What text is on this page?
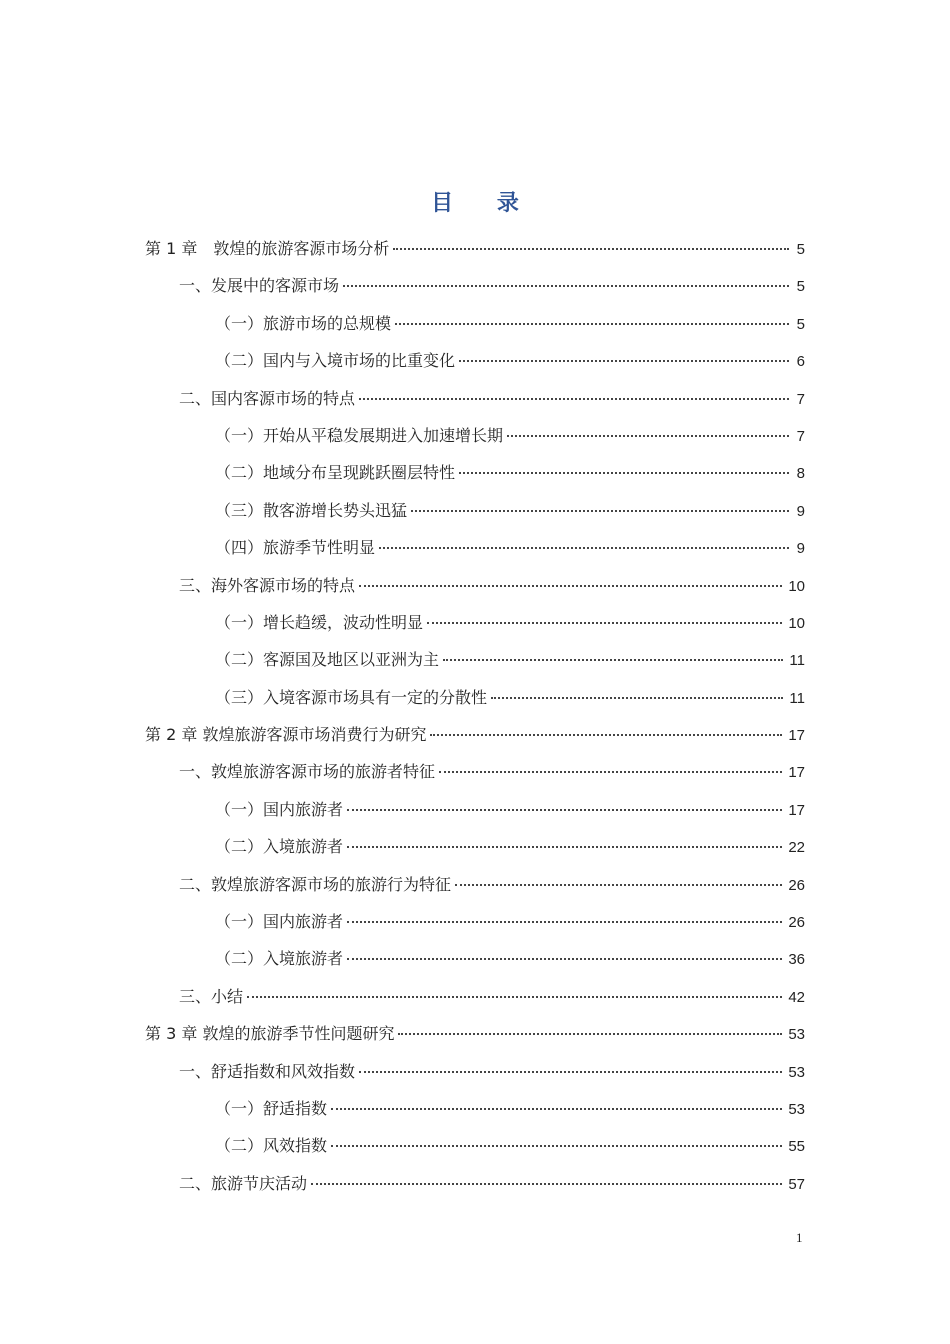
目 录
第 1 章　敦煌的旅游客源市场分析	5
一、发展中的客源市场	5
（一）旅游市场的总规模	5
（二）国内与入境市场的比重变化	6
二、国内客源市场的特点	7
（一）开始从平稳发展期进入加速增长期	7
（二）地域分布呈现跳跃圈层特性	8
（三）散客游增长势头迅猛	9
（四）旅游季节性明显	9
三、海外客源市场的特点	10
（一）增长趋缓，波动性明显	10
（二）客源国及地区以亚洲为主	11
（三）入境客源市场具有一定的分散性	11
第 2 章 敦煌旅游客源市场消费行为研究	17
一、敦煌旅游客源市场的旅游者特征	17
（一）国内旅游者	17
（二）入境旅游者	22
二、敦煌旅游客源市场的旅游行为特征	26
（一）国内旅游者	26
（二）入境旅游者	36
三、小结	42
第 3 章 敦煌的旅游季节性问题研究	53
一、舒适指数和风效指数	53
（一）舒适指数	53
（二）风效指数	55
二、旅游节庆活动	57
1
